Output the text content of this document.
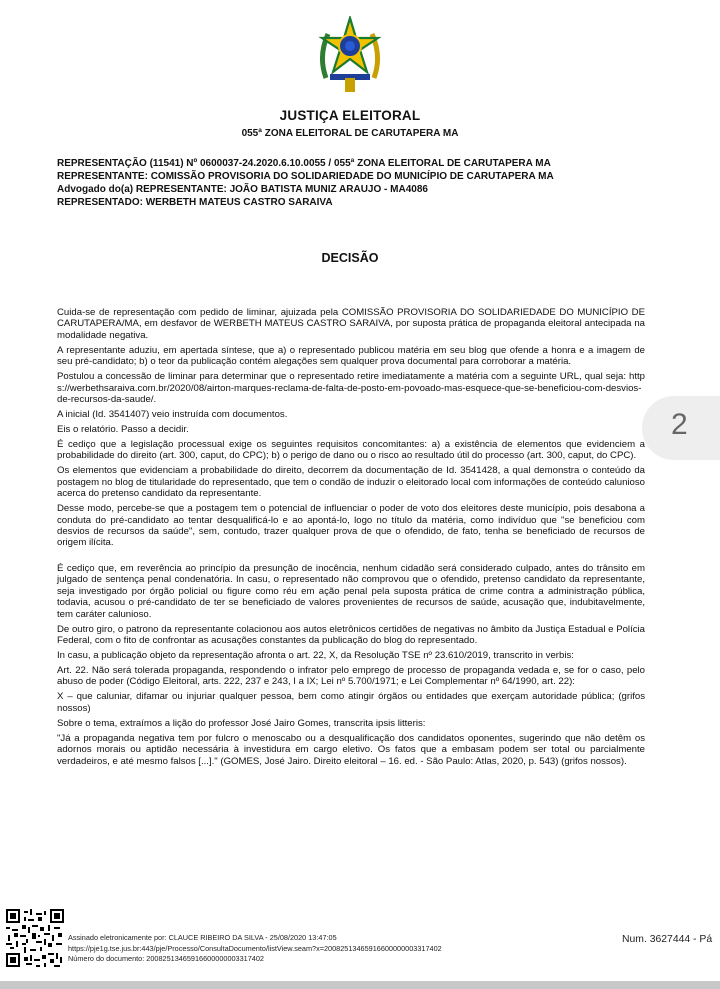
JUSTIÇA ELEITORAL
055ª ZONA ELEITORAL DE CARUTAPERA MA
REPRESENTAÇÃO (11541) Nº 0600037-24.2020.6.10.0055 / 055ª ZONA ELEITORAL DE CARUTAPERA MA
REPRESENTANTE: COMISSÃO PROVISORIA DO SOLIDARIEDADE DO MUNICÍPIO DE CARUTAPERA MA
Advogado do(a) REPRESENTANTE: JOÃO BATISTA MUNIZ ARAUJO - MA4086
REPRESENTADO: WERBETH MATEUS CASTRO SARAIVA
DECISÃO

Cuida-se de representação com pedido de liminar, ajuizada pela COMISSÃO PROVISORIA DO SOLIDARIEDADE DO MUNICÍPIO DE CARUTAPERA/MA, em desfavor de WERBETH MATEUS CASTRO SARAIVA, por suposta prática de propaganda eleitoral antecipada na modalidade negativa.

A representante aduziu, em apertada síntese, que a) o representado publicou matéria em seu blog que ofende a honra e a imagem de seu pré-candidato; b) o teor da publicação contém alegações sem qualquer prova documental para corroborar a matéria.

Postulou a concessão de liminar para determinar que o representado retire imediatamente a matéria com a seguinte URL, qual seja: https://werbethsaraiva.com.br/2020/08/airton-marques-reclama-de-falta-de-posto-em-povoado-mas-esquece-que-se-beneficiou-com-desvios-de-recursos-da-saude/.

A inicial (Id. 3541407) veio instruída com documentos.

Eis o relatório. Passo a decidir.

É cediço que a legislação processual exige os seguintes requisitos concomitantes: a) a existência de elementos que evidenciem a probabilidade do direito (art. 300, caput, do CPC); b) o perigo de dano ou o risco ao resultado útil do processo (art. 300, caput, do CPC).

Os elementos que evidenciam a probabilidade do direito, decorrem da documentação de Id. 3541428, a qual demonstra o conteúdo da postagem no blog de titularidade do representado, que tem o condão de induzir o eleitorado local com informações de conteúdo calunioso acerca do pretenso candidato da representante.

Desse modo, percebe-se que a postagem tem o potencial de influenciar o poder de voto dos eleitores deste município, pois desabona a conduta do pré-candidato ao tentar desqualificá-lo e ao apontá-lo, logo no título da matéria, como indivíduo que "se beneficiou com desvios de recursos da saúde", sem, contudo, trazer qualquer prova de que o ofendido, de fato, tenha se beneficiado de recursos de origem ilícita.

É cediço que, em reverência ao princípio da presunção de inocência, nenhum cidadão será considerado culpado, antes do trânsito em julgado de sentença penal condenatória. In casu, o representado não comprovou que o ofendido, pretenso candidato da representante, seja investigado por órgão policial ou figure como réu em ação penal pela suposta prática de crime contra a administração pública, todavia, acusou o pré-candidato de ter se beneficiado de valores provenientes de recursos de saúde, acusação que, indubitavelmente, tem caráter calunioso.

De outro giro, o patrono da representante colacionou aos autos eletrônicos certidões de negativas no âmbito da Justiça Estadual e Polícia Federal, com o fito de confrontar as acusações constantes da publicação do blog do representado.

In casu, a publicação objeto da representação afronta o art. 22, X, da Resolução TSE nº 23.610/2019, transcrito in verbis:

Art. 22. Não será tolerada propaganda, respondendo o infrator pelo emprego de processo de propaganda vedada e, se for o caso, pelo abuso de poder (Código Eleitoral, arts. 222, 237 e 243, I a IX; Lei nº 5.700/1971; e Lei Complementar nº 64/1990, art. 22):

X – que caluniar, difamar ou injuriar qualquer pessoa, bem como atingir órgãos ou entidades que exerçam autoridade pública; (grifos nossos)

Sobre o tema, extraímos a lição do professor José Jairo Gomes, transcrita ipsis litteris:

"Já a propaganda negativa tem por fulcro o menoscabo ou a desqualificação dos candidatos oponentes, sugerindo que não detêm os adornos morais ou aptidão necessária à investidura em cargo eletivo. Os fatos que a embasam podem ser total ou parcialmente verdadeiros, e até mesmo falsos [...]." (GOMES, José Jairo. Direito eleitoral – 16. ed. - São Paulo: Atlas, 2020, p. 543) (grifos nossos).

2
Assinado eletronicamente por: CLAUCE RIBEIRO DA SILVA - 25/08/2020 13:47:05
https://pje1g.tse.jus.br:443/pje/Processo/ConsultaDocumento/listView.seam?x=20082513465916600000003317402
Número do documento: 20082513465916600000003317402
Num. 3627444 - Pá
